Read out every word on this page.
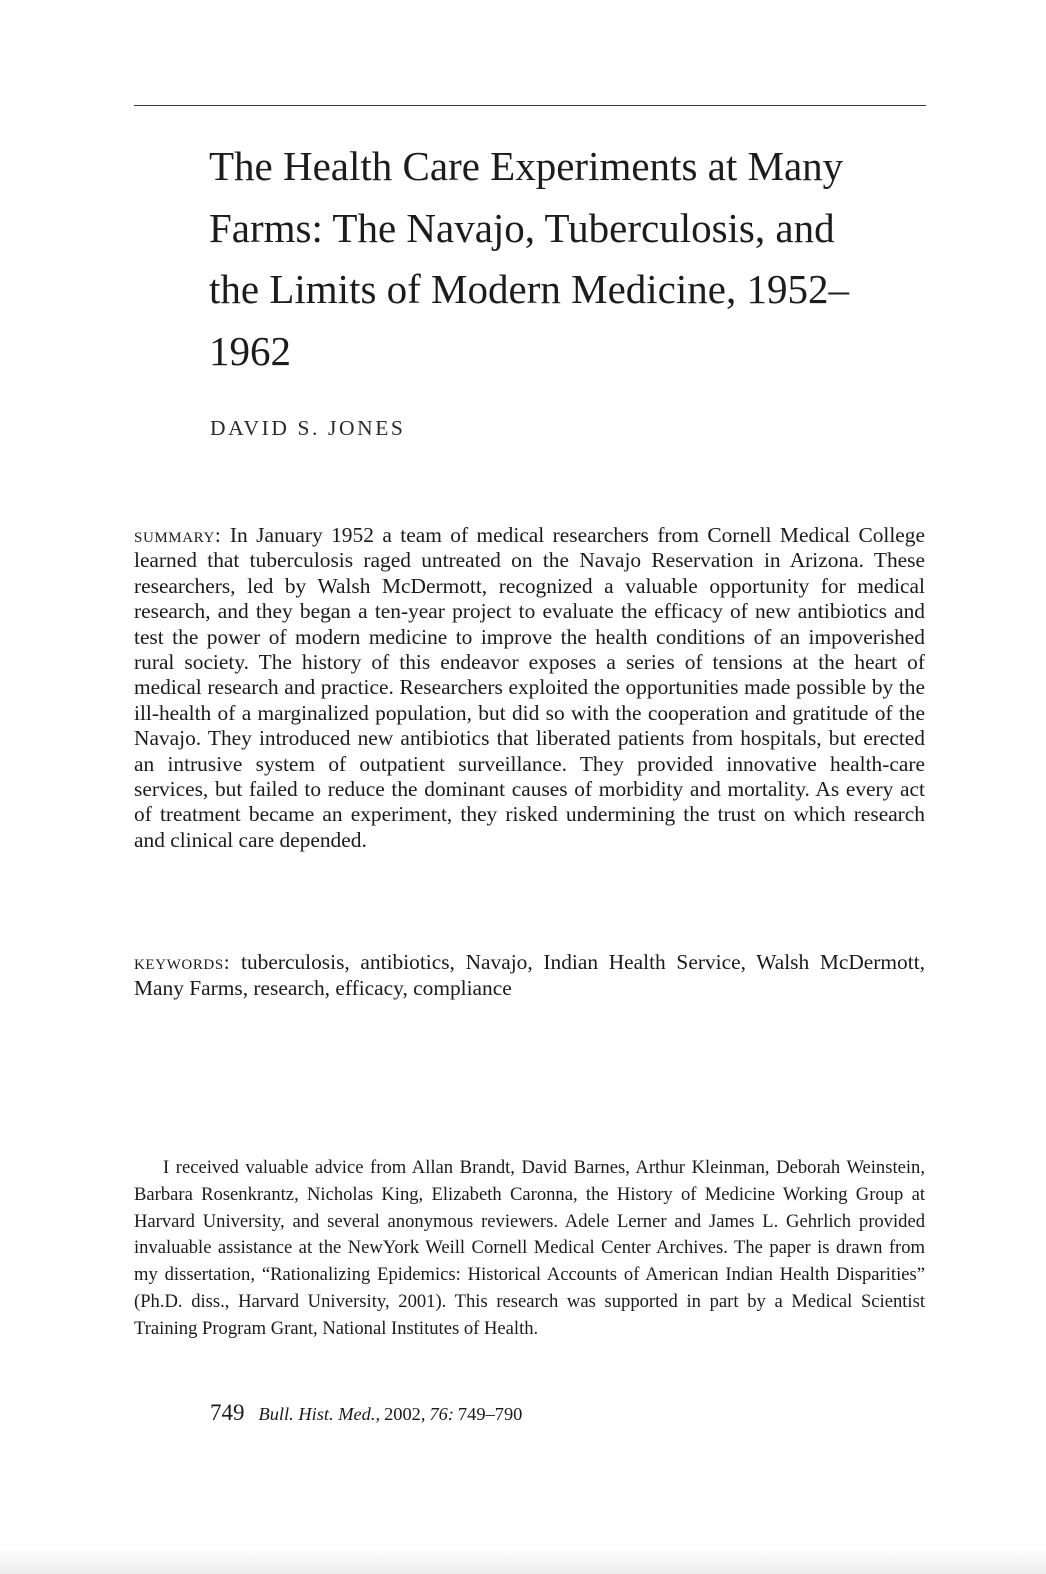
The Health Care Experiments at Many Farms: The Navajo, Tuberculosis, and the Limits of Modern Medicine, 1952–1962

DAVID S. JONES

summary: In January 1952 a team of medical researchers from Cornell Medical College learned that tuberculosis raged untreated on the Navajo Reservation in Arizona. These researchers, led by Walsh McDermott, recognized a valuable opportunity for medical research, and they began a ten-year project to evaluate the efficacy of new antibiotics and test the power of modern medicine to improve the health conditions of an impoverished rural society. The history of this endeavor exposes a series of tensions at the heart of medical research and practice. Researchers exploited the opportunities made possible by the ill-health of a marginalized population, but did so with the cooperation and gratitude of the Navajo. They introduced new antibiotics that liberated patients from hospitals, but erected an intrusive system of outpatient surveillance. They provided innovative health-care services, but failed to reduce the dominant causes of morbidity and mortality. As every act of treatment became an experiment, they risked undermining the trust on which research and clinical care depended.

keywords: tuberculosis, antibiotics, Navajo, Indian Health Service, Walsh McDermott, Many Farms, research, efficacy, compliance

I received valuable advice from Allan Brandt, David Barnes, Arthur Kleinman, Deborah Weinstein, Barbara Rosenkrantz, Nicholas King, Elizabeth Caronna, the History of Medicine Working Group at Harvard University, and several anonymous reviewers. Adele Lerner and James L. Gehrlich provided invaluable assistance at the NewYork Weill Cornell Medical Center Archives. The paper is drawn from my dissertation, “Rationalizing Epidemics: Historical Accounts of American Indian Health Disparities” (Ph.D. diss., Harvard University, 2001). This research was supported in part by a Medical Scientist Training Program Grant, National Institutes of Health.

749 Bull. Hist. Med., 2002, 76: 749–790
